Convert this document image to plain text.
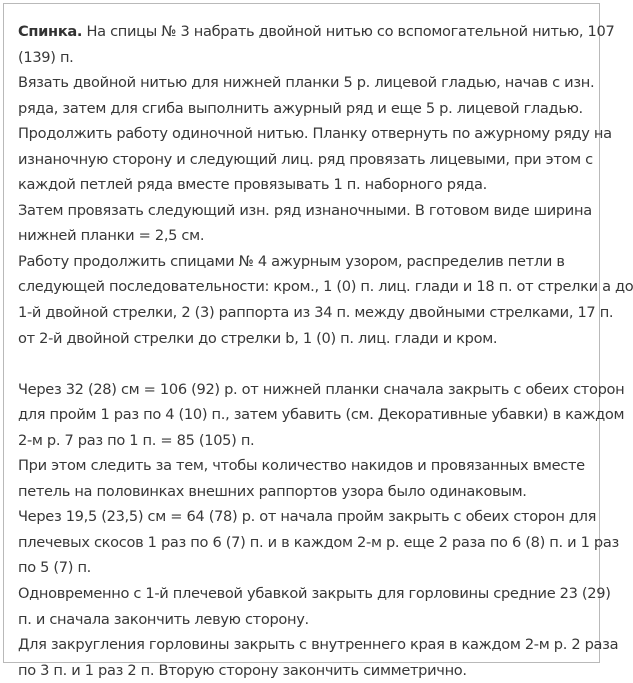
Спинка. На спицы № 3 набрать двойной нитью со вспомогательной нитью, 107
(139) п.
Вязать двойной нитью для нижней планки 5 р. лицевой гладью, начав с изн.
ряда, затем для сгиба выполнить ажурный ряд и еще 5 р. лицевой гладью.
Продолжить работу одиночной нитью. Планку отвернуть по ажурному ряду на
изнаночную сторону и следующий лиц. ряд провязать лицевыми, при этом с
каждой петлей ряда вместе провязывать 1 п. наборного ряда.
Затем провязать следующий изн. ряд изнаночными. В готовом виде ширина
нижней планки = 2,5 см.
Работу продолжить спицами № 4 ажурным узором, распределив петли в
следующей последовательности: кром., 1 (0) п. лиц. глади и 18 п. от стрелки а до
1-й двойной стрелки, 2 (3) раппорта из 34 п. между двойными стрелками, 17 п.
от 2-й двойной стрелки до стрелки b, 1 (0) п. лиц. глади и кром.
Через 32 (28) см = 106 (92) р. от нижней планки сначала закрыть с обеих сторон
для пройм 1 раз по 4 (10) п., затем убавить (см. Декоративные убавки) в каждом
2-м р. 7 раз по 1 п. = 85 (105) п.
При этом следить за тем, чтобы количество накидов и провязанных вместе
петель на половинках внешних раппортов узора было одинаковым.
Через 19,5 (23,5) см = 64 (78) р. от начала пройм закрыть с обеих сторон для
плечевых скосов 1 раз по 6 (7) п. и в каждом 2-м р. еще 2 раза по 6 (8) п. и 1 раз
по 5 (7) п.
Одновременно с 1-й плечевой убавкой закрыть для горловины средние 23 (29)
п. и сначала закончить левую сторону.
Для закругления горловины закрыть с внутреннего края в каждом 2-м р. 2 раза
по 3 п. и 1 раз 2 п. Вторую сторону закончить симметрично.
